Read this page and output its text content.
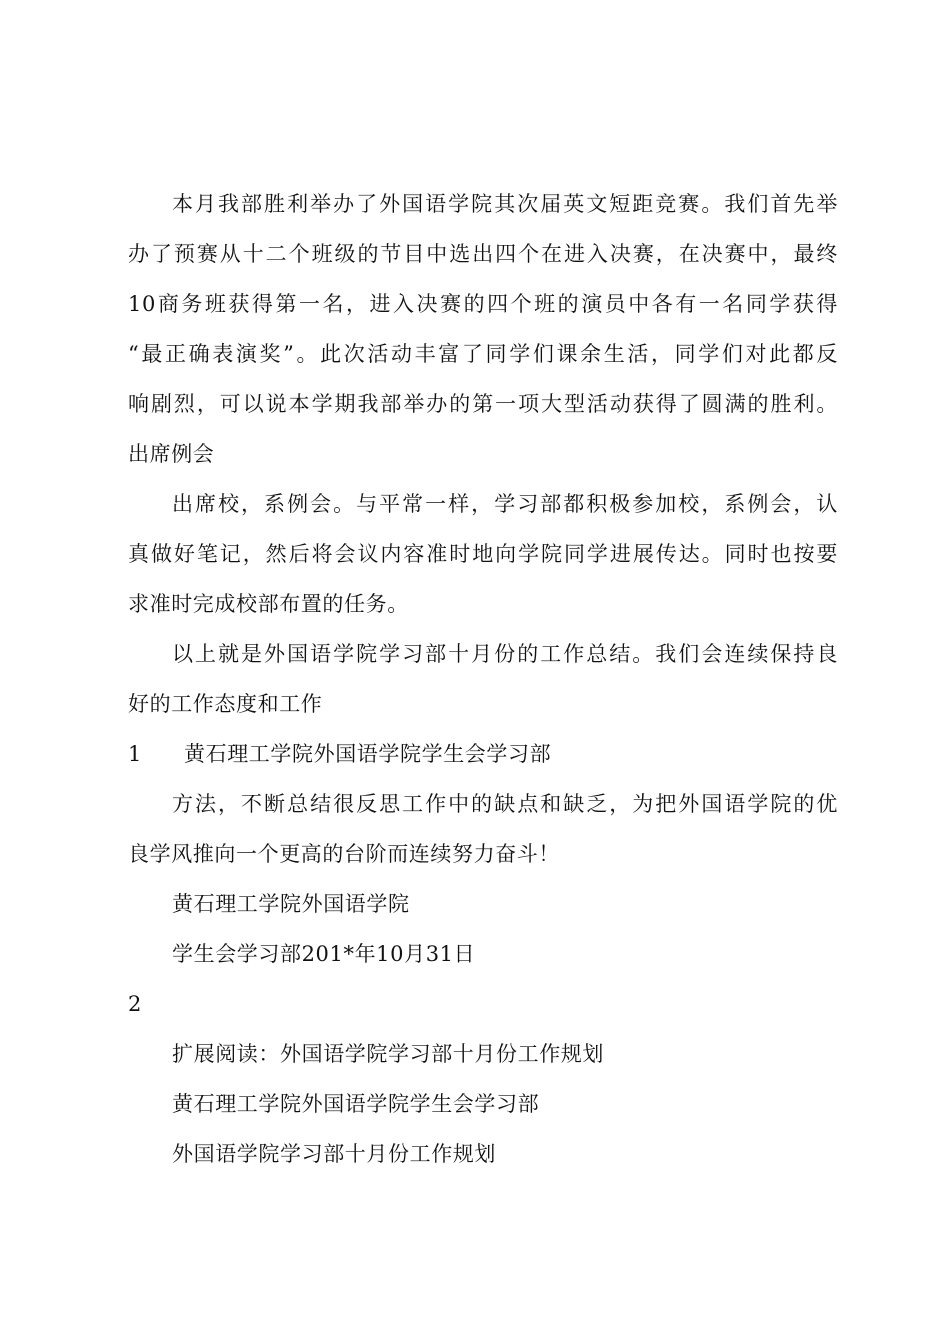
本月我部胜利举办了外国语学院其次届英文短距竞赛。我们首先举
办了预赛从十二个班级的节目中选出四个在进入决赛，在决赛中，最终
10商务班获得第一名，进入决赛的四个班的演员中各有一名同学获得
“最正确表演奖”。此次活动丰富了同学们课余生活，同学们对此都反
响剧烈，可以说本学期我部举办的第一项大型活动获得了圆满的胜利。
出席例会
出席校，系例会。与平常一样，学习部都积极参加校，系例会，认
真做好笔记，然后将会议内容准时地向学院同学进展传达。同时也按要
求准时完成校部布置的任务。
以上就是外国语学院学习部十月份的工作总结。我们会连续保持良
好的工作态度和工作
1 黄石理工学院外国语学院学生会学习部
方法，不断总结很反思工作中的缺点和缺乏，为把外国语学院的优
良学风推向一个更高的台阶而连续努力奋斗！
黄石理工学院外国语学院
学生会学习部201*年10月31日
2
扩展阅读：外国语学院学习部十月份工作规划
黄石理工学院外国语学院学生会学习部
外国语学院学习部十月份工作规划
